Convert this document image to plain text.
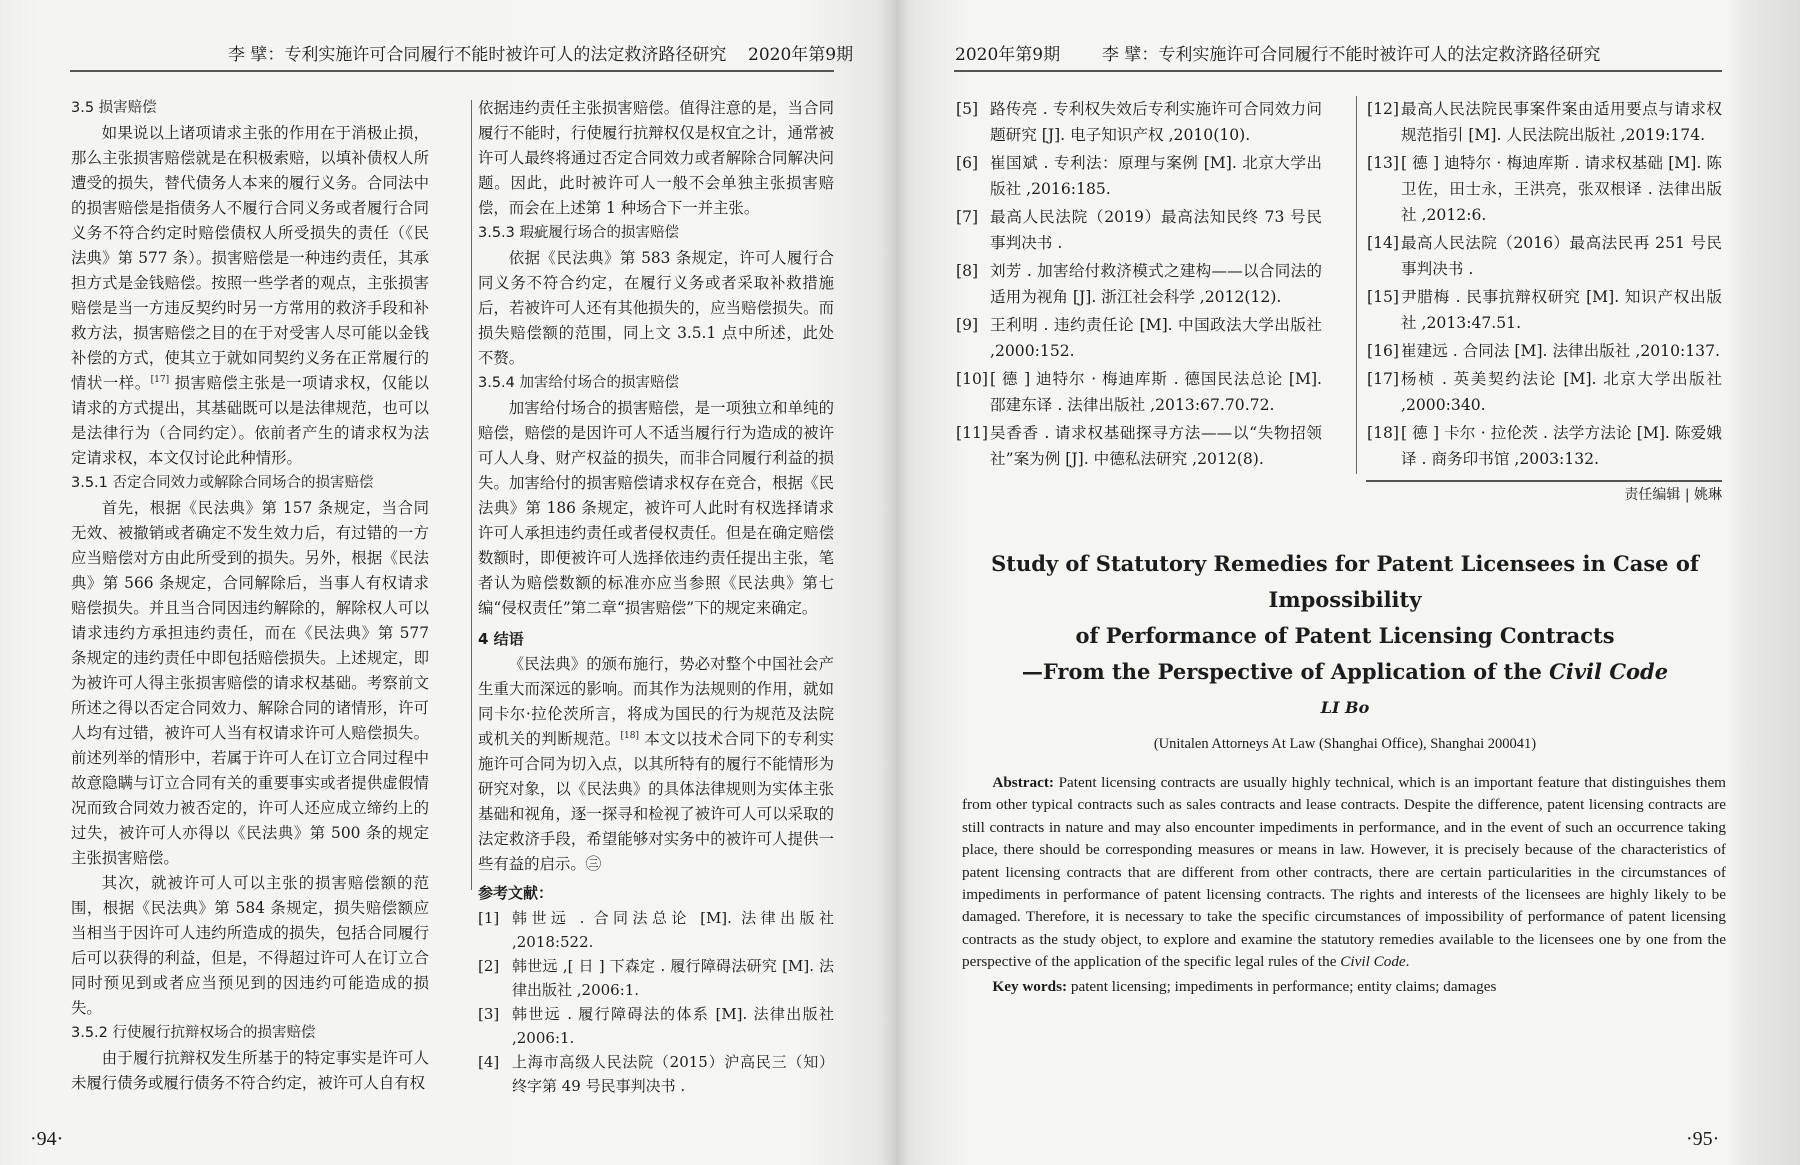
李 擘：专利实施许可合同履行不能时被许可人的法定救济路径研究 2020年第9期
3.5 损害赔偿

如果说以上诸项请求主张的作用在于消极止损，那么主张损害赔偿就是在积极索赔，以填补债权人所遭受的损失，替代债务人本来的履行义务。合同法中的损害赔偿是指债务人不履行合同义务或者履行合同义务不符合约定时赔偿债权人所受损失的责任（《民法典》第 577 条）。损害赔偿是一种违约责任，其承担方式是金钱赔偿。按照一些学者的观点，主张损害赔偿是当一方违反契约时另一方常用的救济手段和补救方法，损害赔偿之目的在于对受害人尽可能以金钱补偿的方式，使其立于就如同契约义务在正常履行的情状一样。[17] 损害赔偿主张是一项请求权，仅能以请求的方式提出，其基础既可以是法律规范，也可以是法律行为（合同约定）。依前者产生的请求权为法定请求权，本文仅讨论此种情形。

3.5.1 否定合同效力或解除合同场合的损害赔偿

首先，根据《民法典》第 157 条规定，当合同无效、被撤销或者确定不发生效力后，有过错的一方应当赔偿对方由此所受到的损失。另外，根据《民法典》第 566 条规定，合同解除后，当事人有权请求赔偿损失。并且当合同因违约解除的，解除权人可以请求违约方承担违约责任，而在《民法典》第 577 条规定的违约责任中即包括赔偿损失。上述规定，即为被许可人得主张损害赔偿的请求权基础。考察前文所述之得以否定合同效力、解除合同的诸情形，许可人均有过错，被许可人当有权请求许可人赔偿损失。前述列举的情形中，若属于许可人在订立合同过程中故意隐瞒与订立合同有关的重要事实或者提供虚假情况而致合同效力被否定的，许可人还应成立缔约上的过失，被许可人亦得以《民法典》第 500 条的规定主张损害赔偿。

其次，就被许可人可以主张的损害赔偿额的范围，根据《民法典》第 584 条规定，损失赔偿额应当相当于因许可人违约所造成的损失，包括合同履行后可以获得的利益，但是，不得超过许可人在订立合同时预见到或者应当预见到的因违约可能造成的损失。

3.5.2 行使履行抗辩权场合的损害赔偿

由于履行抗辩权发生所基于的特定事实是许可人未履行债务或履行债务不符合约定，被许可人自有权

依据违约责任主张损害赔偿。值得注意的是，当合同履行不能时，行使履行抗辩权仅是权宜之计，通常被许可人最终将通过否定合同效力或者解除合同解决问题。因此，此时被许可人一般不会单独主张损害赔偿，而会在上述第 1 种场合下一并主张。

3.5.3 瑕疵履行场合的损害赔偿

依据《民法典》第 583 条规定，许可人履行合同义务不符合约定，在履行义务或者采取补救措施后，若被许可人还有其他损失的，应当赔偿损失。而损失赔偿额的范围，同上文 3.5.1 点中所述，此处不赘。

3.5.4 加害给付场合的损害赔偿

加害给付场合的损害赔偿，是一项独立和单纯的赔偿，赔偿的是因许可人不适当履行行为造成的被许可人人身、财产权益的损失，而非合同履行利益的损失。加害给付的损害赔偿请求权存在竞合，根据《民法典》第 186 条规定，被许可人此时有权选择请求许可人承担违约责任或者侵权责任。但是在确定赔偿数额时，即便被许可人选择依违约责任提出主张，笔者认为赔偿数额的标准亦应当参照《民法典》第七编“侵权责任”第二章“损害赔偿”下的规定来确定。

4 结语

《民法典》的颁布施行，势必对整个中国社会产生重大而深远的影响。而其作为法规则的作用，就如同卡尔·拉伦茨所言，将成为国民的行为规范及法院或机关的判断规范。[18] 本文以技术合同下的专利实施许可合同为切入点，以其所特有的履行不能情形为研究对象，以《民法典》的具体法律规则为实体主张基础和视角，逐一探寻和检视了被许可人可以采取的法定救济手段，希望能够对实务中的被许可人提供一些有益的启示。㊂

参考文献：
[1] 韩世远 . 合同法总论 [M]. 法律出版社 ,2018:522.
[2] 韩世远 ,[ 日 ] 下森定 . 履行障碍法研究 [M]. 法律出版社 ,2006:1.
[3] 韩世远 . 履行障碍法的体系 [M]. 法律出版社 ,2006:1.
[4] 上海市高级人民法院（2015）沪高民三（知）终字第 49 号民事判决书 .
·94·
2020年第9期 李 擘：专利实施许可合同履行不能时被许可人的法定救济路径研究
[5] 路传亮 . 专利权失效后专利实施许可合同效力问题研究 [J]. 电子知识产权 ,2010(10).
[6] 崔国斌 . 专利法：原理与案例 [M]. 北京大学出版社 ,2016:185.
[7] 最高人民法院（2019）最高法知民终 73 号民事判决书 .
[8] 刘芳 . 加害给付救济模式之建构——以合同法的适用为视角 [J]. 浙江社会科学 ,2012(12).
[9] 王利明 . 违约责任论 [M]. 中国政法大学出版社 ,2000:152.
[10] [ 德 ] 迪特尔 · 梅迪库斯 . 德国民法总论 [M]. 邵建东译 . 法律出版社 ,2013:67.70.72.
[11] 吴香香 . 请求权基础探寻方法——以“失物招领社”案为例 [J]. 中德私法研究 ,2012(8).
[12] 最高人民法院民事案件案由适用要点与请求权规范指引 [M]. 人民法院出版社 ,2019:174.
[13] [ 德 ] 迪特尔 · 梅迪库斯 . 请求权基础 [M]. 陈卫佐，田士永，王洪亮，张双根译 . 法律出版社 ,2012:6.
[14] 最高人民法院（2016）最高法民再 251 号民事判决书 .
[15] 尹腊梅 . 民事抗辩权研究 [M]. 知识产权出版社 ,2013:47.51.
[16] 崔建远 . 合同法 [M]. 法律出版社 ,2010:137.
[17] 杨桢 . 英美契约法论 [M]. 北京大学出版社 ,2000:340.
[18] [ 德 ] 卡尔 · 拉伦茨 . 法学方法论 [M]. 陈爱娥译 . 商务印书馆 ,2003:132.
责任编辑 | 姚琳
Study of Statutory Remedies for Patent Licensees in Case of Impossibility
of Performance of Patent Licensing Contracts
—From the Perspective of Application of the Civil Code
LI Bo
(Unitalen Attorneys At Law (Shanghai Office), Shanghai 200041)

Abstract: Patent licensing contracts are usually highly technical, which is an important feature that distinguishes them from other typical contracts such as sales contracts and lease contracts. Despite the difference, patent licensing contracts are still contracts in nature and may also encounter impediments in performance, and in the event of such an occurrence taking place, there should be corresponding measures or means in law. However, it is precisely because of the characteristics of patent licensing contracts that are different from other contracts, there are certain particularities in the circumstances of impediments in performance of patent licensing contracts. The rights and interests of the licensees are highly likely to be damaged. Therefore, it is necessary to take the specific circumstances of impossibility of performance of patent licensing contracts as the study object, to explore and examine the statutory remedies available to the licensees one by one from the perspective of the application of the specific legal rules of the Civil Code.

Key words: patent licensing; impediments in performance; entity claims; damages

·95·
